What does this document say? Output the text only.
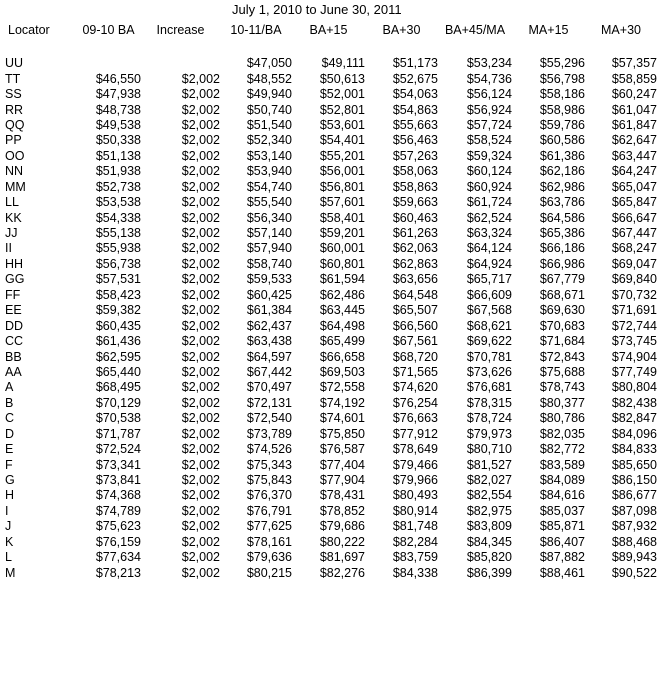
July 1, 2010 to June 30, 2011
Locator	09-10 BA	Increase	10-11/BA	BA+15	BA+30	BA+45/MA	MA+15	MA+30

UU			$47,050	$49,111	$51,173	$53,234	$55,296	$57,357
TT	$46,550	$2,002	$48,552	$50,613	$52,675	$54,736	$56,798	$58,859
SS	$47,938	$2,002	$49,940	$52,001	$54,063	$56,124	$58,186	$60,247
RR	$48,738	$2,002	$50,740	$52,801	$54,863	$56,924	$58,986	$61,047
QQ	$49,538	$2,002	$51,540	$53,601	$55,663	$57,724	$59,786	$61,847
PP	$50,338	$2,002	$52,340	$54,401	$56,463	$58,524	$60,586	$62,647
OO	$51,138	$2,002	$53,140	$55,201	$57,263	$59,324	$61,386	$63,447
NN	$51,938	$2,002	$53,940	$56,001	$58,063	$60,124	$62,186	$64,247
MM	$52,738	$2,002	$54,740	$56,801	$58,863	$60,924	$62,986	$65,047
LL	$53,538	$2,002	$55,540	$57,601	$59,663	$61,724	$63,786	$65,847
KK	$54,338	$2,002	$56,340	$58,401	$60,463	$62,524	$64,586	$66,647
JJ	$55,138	$2,002	$57,140	$59,201	$61,263	$63,324	$65,386	$67,447
II	$55,938	$2,002	$57,940	$60,001	$62,063	$64,124	$66,186	$68,247
HH	$56,738	$2,002	$58,740	$60,801	$62,863	$64,924	$66,986	$69,047
GG	$57,531	$2,002	$59,533	$61,594	$63,656	$65,717	$67,779	$69,840
FF	$58,423	$2,002	$60,425	$62,486	$64,548	$66,609	$68,671	$70,732
EE	$59,382	$2,002	$61,384	$63,445	$65,507	$67,568	$69,630	$71,691
DD	$60,435	$2,002	$62,437	$64,498	$66,560	$68,621	$70,683	$72,744
CC	$61,436	$2,002	$63,438	$65,499	$67,561	$69,622	$71,684	$73,745
BB	$62,595	$2,002	$64,597	$66,658	$68,720	$70,781	$72,843	$74,904
AA	$65,440	$2,002	$67,442	$69,503	$71,565	$73,626	$75,688	$77,749
A	$68,495	$2,002	$70,497	$72,558	$74,620	$76,681	$78,743	$80,804
B	$70,129	$2,002	$72,131	$74,192	$76,254	$78,315	$80,377	$82,438
C	$70,538	$2,002	$72,540	$74,601	$76,663	$78,724	$80,786	$82,847
D	$71,787	$2,002	$73,789	$75,850	$77,912	$79,973	$82,035	$84,096
E	$72,524	$2,002	$74,526	$76,587	$78,649	$80,710	$82,772	$84,833
F	$73,341	$2,002	$75,343	$77,404	$79,466	$81,527	$83,589	$85,650
G	$73,841	$2,002	$75,843	$77,904	$79,966	$82,027	$84,089	$86,150
H	$74,368	$2,002	$76,370	$78,431	$80,493	$82,554	$84,616	$86,677
I	$74,789	$2,002	$76,791	$78,852	$80,914	$82,975	$85,037	$87,098
J	$75,623	$2,002	$77,625	$79,686	$81,748	$83,809	$85,871	$87,932
K	$76,159	$2,002	$78,161	$80,222	$82,284	$84,345	$86,407	$88,468
L	$77,634	$2,002	$79,636	$81,697	$83,759	$85,820	$87,882	$89,943
M	$78,213	$2,002	$80,215	$82,276	$84,338	$86,399	$88,461	$90,522
